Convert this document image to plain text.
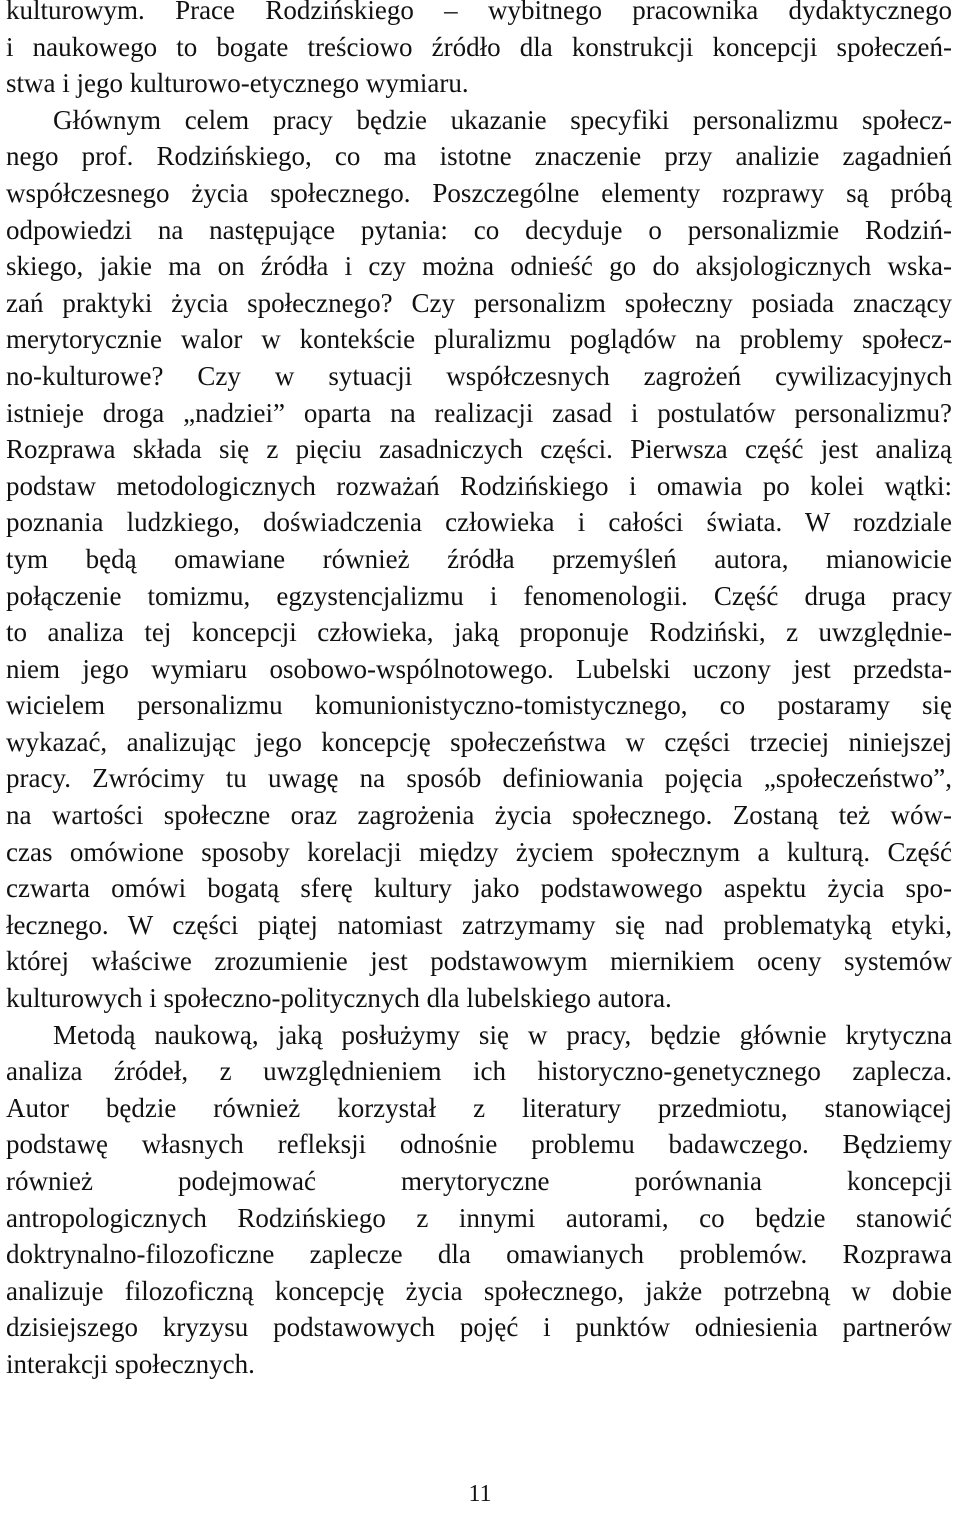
kulturowym. Prace Rodzińskiego – wybitnego pracownika dydaktycznego
i naukowego to bogate treściowo źródło dla konstrukcji koncepcji społeczeń-
stwa i jego kulturowo-etycznego wymiaru.
Głównym celem pracy będzie ukazanie specyfiki personalizmu społecz-
nego prof. Rodzińskiego, co ma istotne znaczenie przy analizie zagadnień
współczesnego życia społecznego. Poszczególne elementy rozprawy są próbą
odpowiedzi na następujące pytania: co decyduje o personalizmie Rodziń-
skiego, jakie ma on źródła i czy można odnieść go do aksjologicznych wska-
zań praktyki życia społecznego? Czy personalizm społeczny posiada znaczący
merytorycznie walor w kontekście pluralizmu poglądów na problemy społecz-
no-kulturowe? Czy w sytuacji współczesnych zagrożeń cywilizacyjnych
istnieje droga „nadziei” oparta na realizacji zasad i postulatów personalizmu?
Rozprawa składa się z pięciu zasadniczych części. Pierwsza część jest analizą
podstaw metodologicznych rozważań Rodzińskiego i omawia po kolei wątki:
poznania ludzkiego, doświadczenia człowieka i całości świata. W rozdziale
tym będą omawiane również źródła przemyśleń autora, mianowicie
połączenie tomizmu, egzystencjalizmu i fenomenologii. Część druga pracy
to analiza tej koncepcji człowieka, jaką proponuje Rodziński, z uwzględnie-
niem jego wymiaru osobowo-wspólnotowego. Lubelski uczony jest przedsta-
wicielem personalizmu komunionistyczno-tomistycznego, co postaramy się
wykazać, analizując jego koncepcję społeczeństwa w części trzeciej niniejszej
pracy. Zwrócimy tu uwagę na sposób definiowania pojęcia „społeczeństwo”,
na wartości społeczne oraz zagrożenia życia społecznego. Zostaną też wów-
czas omówione sposoby korelacji między życiem społecznym a kulturą. Część
czwarta omówi bogatą sferę kultury jako podstawowego aspektu życia spo-
łecznego. W części piątej natomiast zatrzymamy się nad problematyką etyki,
której właściwe zrozumienie jest podstawowym miernikiem oceny systemów
kulturowych i społeczno-politycznych dla lubelskiego autora.
Metodą naukową, jaką posłużymy się w pracy, będzie głównie krytyczna
analiza źródeł, z uwzględnieniem ich historyczno-genetycznego zaplecza.
Autor będzie również korzystał z literatury przedmiotu, stanowiącej
podstawę własnych refleksji odnośnie problemu badawczego. Będziemy
również podejmować merytoryczne porównania koncepcji
antropologicznych Rodzińskiego z innymi autorami, co będzie stanowić
doktrynalno-filozoficzne zaplecze dla omawianych problemów. Rozprawa
analizuje filozoficzną koncepcję życia społecznego, jakże potrzebną w dobie
dzisiejszego kryzysu podstawowych pojęć i punktów odniesienia partnerów
interakcji społecznych.
11
